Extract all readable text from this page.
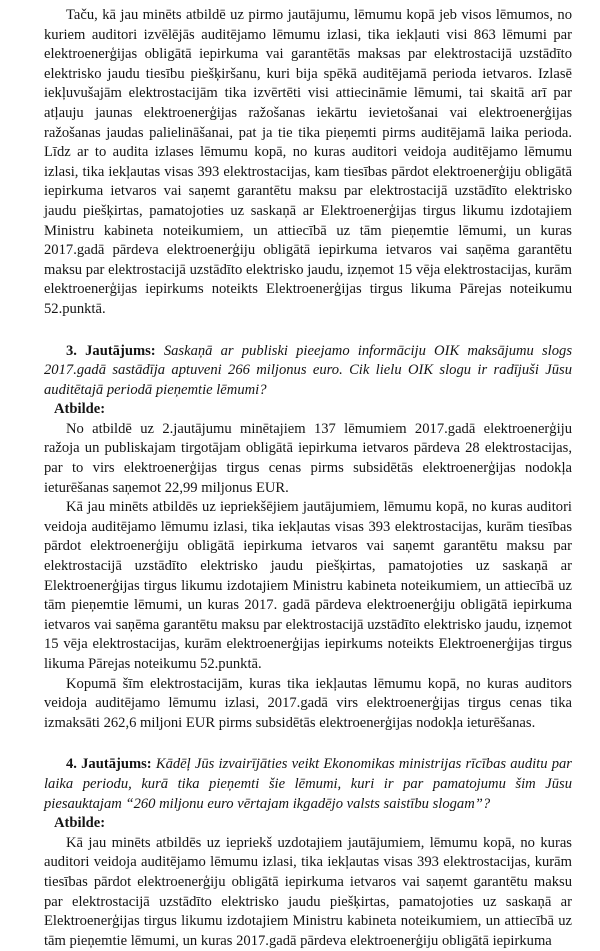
Taču, kā jau minēts atbildē uz pirmo jautājumu, lēmumu kopā jeb visos lēmumos, no kuriem auditori izvēlējās auditējamo lēmumu izlasi, tika iekļauti visi 863 lēmumi par elektroenerģijas obligātā iepirkuma vai garantētās maksas par elektrostacijā uzstādīto elektrisko jaudu tiesību piešķiršanu, kuri bija spēkā auditējamā perioda ietvaros. Izlasē iekļuvušajām elektrostacijām tika izvērtēti visi attiecināmie lēmumi, tai skaitā arī par atļauju jaunas elektroenerģijas ražošanas iekārtu ievietošanai vai elektroenerģijas ražošanas jaudas palielināšanai, pat ja tie tika pieņemti pirms auditējamā laika perioda. Līdz ar to audita izlases lēmumu kopā, no kuras auditori veidoja auditējamo lēmumu izlasi, tika iekļautas visas 393 elektrostacijas, kam tiesības pārdot elektroenerģiju obligātā iepirkuma ietvaros vai saņemt garantētu maksu par elektrostacijā uzstādīto elektrisko jaudu piešķirtas, pamatojoties uz saskaņā ar Elektroenerģijas tirgus likumu izdotajiem Ministru kabineta noteikumiem, un attiecībā uz tām pieņemtie lēmumi, un kuras 2017.gadā pārdeva elektroenerģiju obligātā iepirkuma ietvaros vai saņēma garantētu maksu par elektrostacijā uzstādīto elektrisko jaudu, izņemot 15 vēja elektrostacijas, kurām elektroenerģijas iepirkums noteikts Elektroenerģijas tirgus likuma Pārejas noteikumu 52.punktā.

3. Jautājums: Saskaņā ar publiski pieejamo informāciju OIK maksājumu slogs 2017.gadā sastādīja aptuveni 266 miljonus euro. Cik lielu OIK slogu ir radījuši Jūsu auditētajā periodā pieņemtie lēmumi?

Atbilde:

No atbildē uz 2.jautājumu minētajiem 137 lēmumiem 2017.gadā elektroenerģiju ražoja un publiskajam tirgotājam obligātā iepirkuma ietvaros pārdeva 28 elektrostacijas, par to virs elektroenerģijas tirgus cenas pirms subsidētās elektroenerģijas nodokļa ieturēšanas saņemot 22,99 miljonus EUR.

Kā jau minēts atbildēs uz iepriekšējiem jautājumiem, lēmumu kopā, no kuras auditori veidoja auditējamo lēmumu izlasi, tika iekļautas visas 393 elektrostacijas, kurām tiesības pārdot elektroenerģiju obligātā iepirkuma ietvaros vai saņemt garantētu maksu par elektrostacijā uzstādīto elektrisko jaudu piešķirtas, pamatojoties uz saskaņā ar Elektroenerģijas tirgus likumu izdotajiem Ministru kabineta noteikumiem, un attiecībā uz tām pieņemtie lēmumi, un kuras 2017. gadā pārdeva elektroenerģiju obligātā iepirkuma ietvaros vai saņēma garantētu maksu par elektrostacijā uzstādīto elektrisko jaudu, izņemot 15 vēja elektrostacijas, kurām elektroenerģijas iepirkums noteikts Elektroenerģijas tirgus likuma Pārejas noteikumu 52.punktā.

Kopumā šīm elektrostacijām, kuras tika iekļautas lēmumu kopā, no kuras auditors veidoja auditējamo lēmumu izlasi, 2017.gadā virs elektroenerģijas tirgus cenas tika izmaksāti 262,6 miljoni EUR pirms subsidētās elektroenerģijas nodokļa ieturēšanas.

4. Jautājums: Kādēļ Jūs izvairījāties veikt Ekonomikas ministrijas rīcības auditu par laika periodu, kurā tika pieņemti šie lēmumi, kuri ir par pamatojumu šim Jūsu piesauktajam “260 miljonu euro vērtajam ikgadējo valsts saistību slogam”?

Atbilde:

Kā jau minēts atbildēs uz iepriekš uzdotajiem jautājumiem, lēmumu kopā, no kuras auditori veidoja auditējamo lēmumu izlasi, tika iekļautas visas 393 elektrostacijas, kurām tiesības pārdot elektroenerģiju obligātā iepirkuma ietvaros vai saņemt garantētu maksu par elektrostacijā uzstādīto elektrisko jaudu piešķirtas, pamatojoties uz saskaņā ar Elektroenerģijas tirgus likumu izdotajiem Ministru kabineta noteikumiem, un attiecībā uz tām pieņemtie lēmumi, un kuras 2017.gadā pārdeva elektroenerģiju obligātā iepirkuma
